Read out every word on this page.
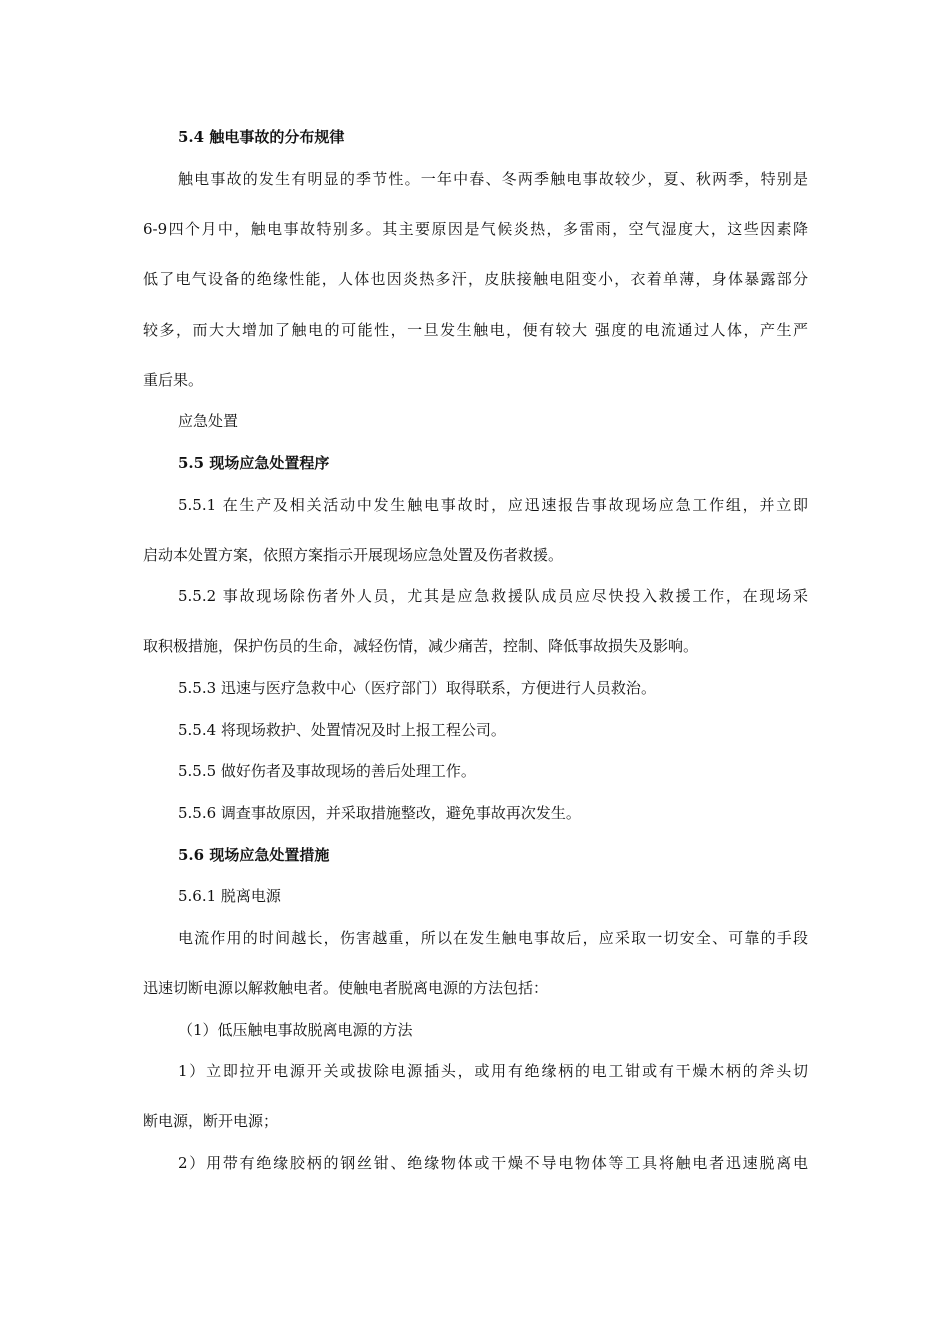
5.4 触电事故的分布规律
触电事故的发生有明显的季节性。一年中春、冬两季触电事故较少，夏、秋两季，特别是
6-9四个月中，触电事故特别多。其主要原因是气候炎热，多雷雨，空气湿度大，这些因素降
低了电气设备的绝缘性能，人体也因炎热多汗，皮肤接触电阻变小，衣着单薄，身体暴露部分
较多，而大大增加了触电的可能性，一旦发生触电，便有较大 强度的电流通过人体，产生严
重后果。
应急处置
5.5 现场应急处置程序
5.5.1 在生产及相关活动中发生触电事故时，应迅速报告事故现场应急工作组，并立即
启动本处置方案，依照方案指示开展现场应急处置及伤者救援。
5.5.2 事故现场除伤者外人员，尤其是应急救援队成员应尽快投入救援工作，在现场采
取积极措施，保护伤员的生命，减轻伤情，减少痛苦，控制、降低事故损失及影响。
5.5.3 迅速与医疗急救中心（医疗部门）取得联系，方便进行人员救治。
5.5.4 将现场救护、处置情况及时上报工程公司。
5.5.5 做好伤者及事故现场的善后处理工作。
5.5.6 调查事故原因，并采取措施整改，避免事故再次发生。
5.6 现场应急处置措施
5.6.1 脱离电源
电流作用的时间越长，伤害越重，所以在发生触电事故后，应采取一切安全、可靠的手段
迅速切断电源以解救触电者。使触电者脱离电源的方法包括：
（1）低压触电事故脱离电源的方法
1）立即拉开电源开关或拔除电源插头，或用有绝缘柄的电工钳或有干燥木柄的斧头切
断电源，断开电源；
2）用带有绝缘胶柄的钢丝钳、绝缘物体或干燥不导电物体等工具将触电者迅速脱离电
